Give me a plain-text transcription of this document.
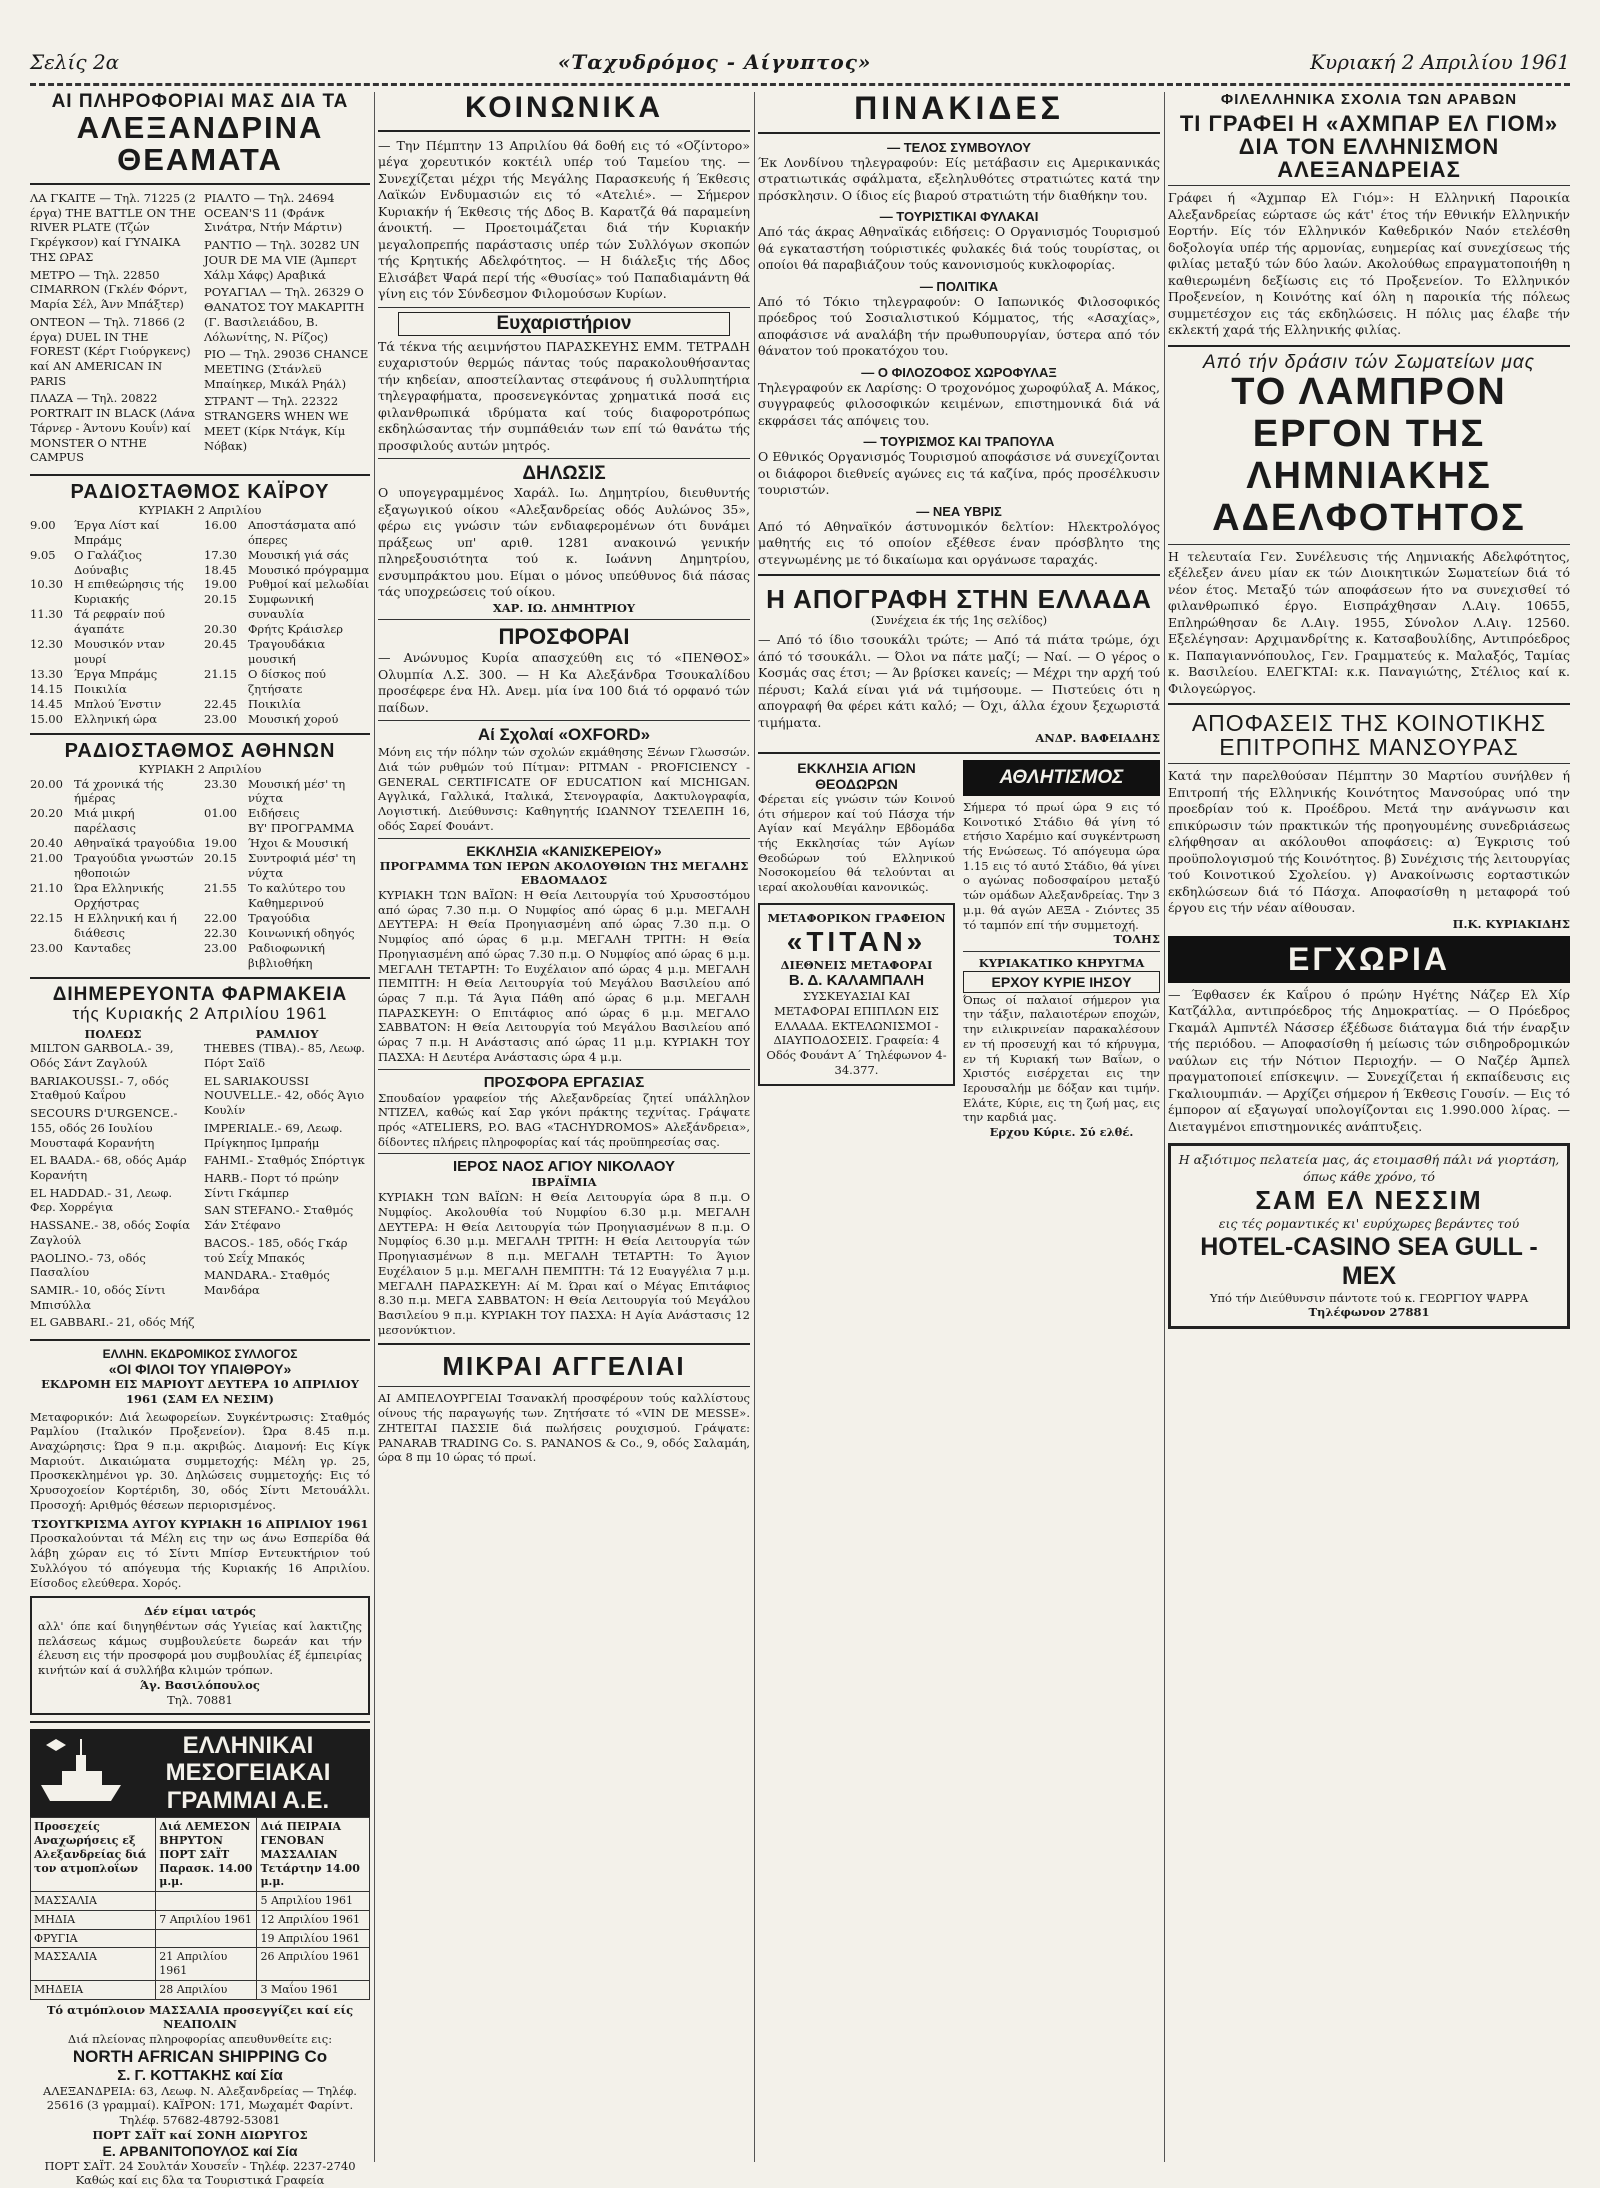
Σελίς 2α	«Ταχυδρόμος - Αίγυπτος»	Κυριακή 2 Απριλίου 1961
ΑΙ ΠΛΗΡΟΦΟΡΙΑΙ ΜΑΣ ΔΙΑ ΤΑ
ΑΛΕΞΑΝΔΡΙΝΑ ΘΕΑΜΑΤΑ
ΛΑ ΓΚΑΙΤΕ — Τηλ. 71225 (2 έργα) THE BATTLE ON THE RIVER PLATE (Τζών Γκρέγκσον) καί ΓΥΝΑΙΚΑ ΤΗΣ ΩΡΑΣ
ΜΕΤΡΟ — Τηλ. 22850 CIMARRON (Γκλέν Φόρντ, Μαρία Σέλ, Άνν Μπάξτερ)
ΟΝΤΕΟΝ — Τηλ. 71866 (2 έργα) DUEL IN THE FOREST (Κέρτ Γιούργκενς) καί AN AMERICAN IN PARIS
ΠΛΑΖΑ — Τηλ. 20822 PORTRAIT IN BLACK (Λάνα Τάρνερ - Άντονυ Κουΐν) καί MONSTER O NTHE CAMPUS
ΡΙΑΛΤΟ — Τηλ. 24694 OCEAN'S 11 (Φράνκ Σινάτρα, Ντήν Μάρτιν)
ΡΑΝΤΙΟ — Τηλ. 30282 UN JOUR DE MA VIE (Άμπερτ Χάλμ Χάφς) Αραβικά
ΡΟΥΑΓΙΑΛ — Τηλ. 26329 O ΘΑΝΑΤΟΣ ΤΟΥ ΜΑΚΑΡΙΤΗ (Γ. Βασιλειάδου, Β. Λόλωνίτης, Ν. Ρίζος)
ΡΙΟ — Τηλ. 29036 CHANCE MEETING (Στάνλεϋ Μπαίηκερ, Μικάλ Ρηάλ)
ΣΤΡΑΝΤ — Τηλ. 22322 STRANGERS WHEN WE MEET (Κίρκ Ντάγκ, Κίμ Νόβακ)
ΡΑΔΙΟΣΤΑΘΜΟΣ ΚΑΪΡΟΥ
ΚΥΡΙΑΚΗ 2 Απριλίου
9.00	Έργα Λίστ καί Μπράμς
9.05	Ο Γαλάζιος Δούναβις
10.30 Η επιθεώρησις τής Κυριακής
11.30 Τά ρεφραίν πού άγαπάτε
12.30 Μουσικόν νταν μουρί
13.30 Έργα Μπράμς
14.15 Ποικιλία
14.45 Μπλού Ένστιν
15.00 Ελληνική ώρα
16.00 Αποστάσματα από όπερες
17.30 Μουσική γιά σάς
18.45 Μουσικό πρόγραμμα
19.00 Ρυθμοί καί μελωδίαι
20.15 Συμφωνική συναυλία
20.30 Φρήτς Κράισλερ
20.45 Τραγουδάκια μουσική
21.15 Ο δίσκος πού ζητήσατε
22.45 Ποικιλία
23.00 Μουσική χορού
ΡΑΔΙΟΣΤΑΘΜΟΣ ΑΘΗΝΩΝ
ΚΥΡΙΑΚΗ 2 Απριλίου
20.00 Τά χρονικά τής ήμέρας
20.20 Μιά μικρή παρέλασις
20.40 Αθηναϊκά τραγούδια
21.00 Τραγούδια γνωστών ηθοποιών
21.10 Ώρα Ελληνικής Ορχήστρας
22.15 Η Ελληνική και ή διάθεσις
23.00 Κανταδες
23.30 Μουσική μέσ' τη νύχτα
01.00 Ειδήσεις
ΒΥ' ΠΡΟΓΡΑΜΜΑ
19.00 Ήχοι & Μουσική
20.15 Συντροφιά μέσ' τη νύχτα
21.55 Το καλύτερο του Καθημερινού
22.00 Τραγούδια
22.30 Κοινωνική οδηγός
23.00 Ραδιοφωνική βιβλιοθήκη
ΔΙΗΜΕΡΕΥΟΝΤΑ ΦΑΡΜΑΚΕΙΑ
τής Κυριακής 2 Απριλίου 1961
ΠΟΛΕΩΣ
MILTON GARBOLA.- 39, Οδός Σάντ Ζαγλούλ
BARIAKOUSSI.- 7, οδός Σταθμού Καΐρου
SECOURS D'URGENCE.- 155, οδός 26 Ιουλίου Μουσταφά Κορανήτη
EL BAADA.- 68, οδός Αμάρ Κορανήτη
EL HADDAD.- 31, Λεωφ. Φερ. Χορρέγια
HASSANE.- 38, οδός Σοφία Ζαγλούλ
PAOLINO.- 73, οδός Πασαλίου
SAMIR.- 10, οδός Σίντι Μπισύλλα
EL GABBARI.- 21, οδός Μήζ
ΡΑΜΛΙΟΥ
THEBES (TIBA).- 85, Λεωφ. Πόρτ Σαϊδ
EL SARIAKOUSSI NOUVELLE.- 42, οδός Άγιο Κουλίν
IMPERIALE.- 69, Λεωφ. Πρίγκηπος Ιμπραήμ
FAHMI.- Σταθμός Σπόρτιγκ
HARB.- Πορτ τό πρώην Σίντι Γκάμπερ
SAN STEFANO.- Σταθμός Σάν Στέφανο
BACOS.- 185, οδός Γκάρ τού Σεΐχ Μπακός
MANDARA.- Σταθμός Μανδάρα
ΕΛΛΗΝ. ΕΚΔΡΟΜΙΚΟΣ ΣΥΛΛΟΓΟΣ
«ΟΙ ΦΙΛΟΙ ΤΟΥ ΥΠΑΙΘΡΟΥ»
ΕΚΔΡΟΜΗ ΕΙΣ ΜΑΡΙΟΥΤ ΔΕΥΤΕΡΑ 10 ΑΠΡΙΛΙΟΥ 1961 (ΣΑΜ ΕΛ ΝΕΣΙΜ)
Μεταφορικόν: Διά λεωφορείων. Συγκέντρωσις: Σταθμός Ραμλίου (Ιταλικόν Προξενείον). Ώρα 8.45 π.μ. Αναχώρησις: Ώρα 9 π.μ. ακριβώς. Διαμονή: Εις Κίγκ Μαριούτ. Δικαιώματα συμμετοχής: Μέλη γρ. 25, Προσκεκλημένοι γρ. 30. Δηλώσεις συμμετοχής: Εις τό Χρυσοχοείον Κορτέριδη, 30, οδός Σίντι Μετουάλλι. Προσοχή: Αριθμός θέσεων περιορισμένος.
ΤΣΟΥΓΚΡΙΣΜΑ ΑΥΓΟΥ ΚΥΡΙΑΚΗ 16 ΑΠΡΙΛΙΟΥ 1961
Προσκαλούνται τά Μέλη εις την ως άνω Εσπερίδα θά λάβη χώραν εις τό Σίντι Μπίσρ Εντευκτήριον τού Συλλόγου τό απόγευμα τής Κυριακής 16 Απριλίου. Είσοδος ελεύθερα. Χορός.
Δέν είμαι ιατρός
αλλ' όπε καί διηγηθέντων σάς Υγιείας καί λακτιζης πελάσεως κάμως συμβουλεύετε δωρεάν και τήν έλευση εις τήν προσφορά μου συμβουλίας έξ έμπειρίας κινήτών καί ά συλλήβα κλιμών τρόπων.
Άγ. Βασιλόπουλος
Τηλ. 70881
ΕΛΛΗΝΙΚΑΙ ΜΕΣΟΓΕΙΑΚΑΙ ΓΡΑΜΜΑΙ Α.Ε.
Προσεχείς Αναχωρήσεις εξ Αλεξανδρείας διά τον ατμοπλοΐων	Διά ΛΕΜΕΣΟΝ ΒΗΡΥΤΟΝ ΠΟΡΤ ΣΑΪΤ Παρασκ. 14.00 μ.μ.	Διά ΠΕΙΡΑΙΑ ΓΕΝΟΒΑΝ ΜΑΣΣΑΛΙΑΝ Τετάρτην 14.00 μ.μ.
ΜΑΣΣΑΛΙΑ		5 Απριλίου 1961
ΜΗΔΙΑ	7 Απριλίου 1961	12 Απριλίου 1961
ΦΡΥΓΙΑ		19 Απριλίου 1961
ΜΑΣΣΑΛΙΑ	21 Απριλίου 1961	26 Απριλίου 1961
ΜΗΔΕΙΑ	28 Απριλίου	3 Μαΐου 1961
Τό ατμόπλοιον ΜΑΣΣΑΛΙΑ προσεγγίζει καί είς ΝΕΑΠΟΛΙΝ
Διά πλείονας πληροφορίας απευθυνθείτε εις:
NORTH AFRICAN SHIPPING Co
Σ. Γ. ΚΟΤΤΑΚΗΣ καί Σία
ΑΛΕΞΑΝΔΡΕΙΑ: 63, Λεωφ. Ν. Αλεξανδρείας — Τηλέφ. 25616 (3 γραμμαί). ΚΑΪΡΟΝ: 171, Μωχαμέτ Φαρίντ. Τηλέφ. 57682-48792-53081
ΠΟΡΤ ΣΑΪΤ καί ΣΟΝΗ ΔΙΩΡΥΓΟΣ
Ε. ΑΡΒΑΝΙΤΟΠΟΥΛΟΣ καί Σία
ΠΟΡΤ ΣΑΪΤ. 24 Σουλτάν Χουσεΐν - Τηλέφ. 2237-2740
Καθώς καί εις δλα τα Τουριστικά Γραφεία
ΚΟΙΝΩΝΙΚΑ
— Την Πέμπτην 13 Απριλίου θά δοθή εις τό «Οζίντορο» μέγα χορευτικόν κοκτέιλ υπέρ τού Ταμείου της. — Συνεχίζεται μέχρι τής Μεγάλης Παρασκευής ή Έκθεσις Λαϊκών Ενδυμασιών εις τό «Ατελιέ». — Σήμερον Κυριακήν ή Έκθεσις τής Δδος Β. Καρατζά θά παραμείνη άνοικτή. — Προετοιμάζεται διά τήν Κυριακήν μεγαλοπρεπής παράστασις υπέρ τών Συλλόγων σκοπών τής Κρητικής Αδελφότητος. — Η διάλεξις τής Δδος Ελισάβετ Ψαρά περί τής «Θυσίας» τού Παπαδιαμάντη θά γίνη εις τόν Σύνδεσμον Φιλομούσων Κυρίων.
Ευχαριστήριον
Τά τέκνα τής αειμνήστου ΠΑΡΑΣΚΕΥΗΣ ΕΜΜ. ΤΕΤΡΑΔΗ ευχαριστούν θερμώς πάντας τούς παρακολουθήσαντας τήν κηδείαν, αποστείλαντας στεφάνους ή συλλυπητήρια τηλεγραφήματα, προσενεγκόντας χρηματικά ποσά εις φιλανθρωπικά ιδρύματα καί τούς διαφοροτρόπως εκδηλώσαντας τήν συμπάθειάν των επί τώ θανάτω τής προσφιλούς αυτών μητρός.
ΔΗΛΩΣΙΣ
Ο υπογεγραμμένος Χαράλ. Ιω. Δημητρίου, διευθυντής εξαγωγικού οίκου «Αλεξανδρείας οδός Αυλώνος 35», φέρω εις γνώσιν τών ενδιαφερομένων ότι δυνάμει πράξεως υπ' αριθ. 1281 ανακοινώ γενικήν πληρεξουσιότητα τού κ. Ιωάννη Δημητρίου, ενσυμπράκτου μου. Είμαι ο μόνος υπεύθυνος διά πάσας τάς υποχρεώσεις τού οίκου.
ΧΑΡ. ΙΩ. ΔΗΜΗΤΡΙΟΥ
ΠΡΟΣΦΟΡΑΙ
— Ανώνυμος Κυρία απασχεύθη εις τό «ΠΕΝΘΟΣ» Ολυμπία Λ.Σ. 300. — Η Κα Αλεξάνδρα Τσουκαλίδου προσέφερε ένα Ηλ. Ανεμ. μία ίνα 100 διά τό ορφανό τών παίδων.
Αί Σχολαί «OXFORD»
Μόνη εις τήν πόλην τών σχολών εκμάθησης Ξένων Γλωσσών. Διά τών ρυθμών τού Πίτμαν: PITMAN - PROFICIENCY - GENERAL CERTIFICATE OF EDUCATION καί MICHIGAN. Αγγλικά, Γαλλικά, Ιταλικά, Στενογραφία, Δακτυλογραφία, Λογιστική. Διεύθυνσις: Καθηγητής ΙΩΑΝΝΟΥ ΤΣΕΛΕΠΗ 16, οδός Σαρεί Φουάντ.
ΕΚΚΛΗΣΙΑ «ΚΑΝΙΣΚΕΡΕΙΟΥ»
ΠΡΟΓΡΑΜΜΑ ΤΩΝ ΙΕΡΩΝ ΑΚΟΛΟΥΘΙΩΝ ΤΗΣ ΜΕΓΑΛΗΣ ΕΒΔΟΜΑΔΟΣ
ΚΥΡΙΑΚΗ ΤΩΝ ΒΑΪΩΝ: Η Θεία Λειτουργία τού Χρυσοστόμου από ώρας 7.30 π.μ. Ο Νυμφίος από ώρας 6 μ.μ. ΜΕΓΑΛΗ ΔΕΥΤΕΡΑ: Η Θεία Προηγιασμένη από ώρας 7.30 π.μ. Ο Νυμφίος από ώρας 6 μ.μ. ΜΕΓΑΛΗ ΤΡΙΤΗ: Η Θεία Προηγιασμένη από ώρας 7.30 π.μ. Ο Νυμφίος από ώρας 6 μ.μ. ΜΕΓΑΛΗ ΤΕΤΑΡΤΗ: Το Ευχέλαιον από ώρας 4 μ.μ. ΜΕΓΑΛΗ ΠΕΜΠΤΗ: Η Θεία Λειτουργία τού Μεγάλου Βασιλείου από ώρας 7 π.μ. Τά Άγια Πάθη από ώρας 6 μ.μ. ΜΕΓΑΛΗ ΠΑΡΑΣΚΕΥΗ: Ο Επιτάφιος από ώρας 6 μ.μ. ΜΕΓΑΛΟ ΣΑΒΒΑΤΟΝ: Η Θεία Λειτουργία τού Μεγάλου Βασιλείου από ώρας 7 π.μ. Η Ανάστασις από ώρας 11 μ.μ. ΚΥΡΙΑΚΗ ΤΟΥ ΠΑΣΧΑ: Η Δευτέρα Ανάστασις ώρα 4 μ.μ.
ΠΡΟΣΦΟΡΑ ΕΡΓΑΣΙΑΣ
Σπουδαίον γραφείον τής Αλεξανδρείας ζητεί υπάλληλον ΝΤΙΖΕΛ, καθώς καί Σαρ γκόνι πράκτης τεχνίτας. Γράψατε πρός «ATELIERS, P.O. BAG «TACHYDROMOS» Αλεξάνδρεια», δίδοντες πλήρεις πληροφορίας καί τάς προϋπηρεσίας σας.
ΙΕΡΟΣ ΝΑΟΣ ΑΓΙΟΥ ΝΙΚΟΛΑΟΥ
ΙΒΡΑΪΜΙΑ
ΚΥΡΙΑΚΗ ΤΩΝ ΒΑΪΩΝ: Η Θεία Λειτουργία ώρα 8 π.μ. Ο Νυμφίος. Ακολουθία τού Νυμφίου 6.30 μ.μ. ΜΕΓΑΛΗ ΔΕΥΤΕΡΑ: Η Θεία Λειτουργία τών Προηγιασμένων 8 π.μ. Ο Νυμφίος 6.30 μ.μ. ΜΕΓΑΛΗ ΤΡΙΤΗ: Η Θεία Λειτουργία τών Προηγιασμένων 8 π.μ. ΜΕΓΑΛΗ ΤΕΤΑΡΤΗ: Το Άγιον Ευχέλαιον 5 μ.μ. ΜΕΓΑΛΗ ΠΕΜΠΤΗ: Τά 12 Ευαγγέλια 7 μ.μ. ΜΕΓΑΛΗ ΠΑΡΑΣΚΕΥΗ: Αί Μ. Ώραι καί ο Μέγας Επιτάφιος 8.30 π.μ. ΜΕΓΑ ΣΑΒΒΑΤΟΝ: Η Θεία Λειτουργία τού Μεγάλου Βασιλείου 9 π.μ. ΚΥΡΙΑΚΗ ΤΟΥ ΠΑΣΧΑ: Η Αγία Ανάστασις 12 μεσονύκτιον.
ΜΙΚΡΑΙ ΑΓΓΕΛΙΑΙ
ΑΙ ΑΜΠΕΛΟΥΡΓΕΙΑΙ Τσανακλή προσφέρουν τούς καλλίστους οίνους τής παραγωγής των. Ζητήσατε τό «VIN DE MESSE». ΖΗΤΕΙΤΑΙ ΠΑΣΣΙΕ διά πωλήσεις ρουχισμού. Γράψατε: PANARAB TRADING Co. S. PANANOS & Co., 9, οδός Σαλαμάη, ώρα 8 πμ 10 ώρας τό πρωί.
ΠΙΝΑΚΙΔΕΣ
— ΤΕΛΟΣ ΣΥΜΒΟΥΛΟΥ
Έκ Λονδίνου τηλεγραφούν: Είς μετάβασιν εις Αμερικανικάς στρατιωτικάς σφάλματα, εξεληλυθότες στρατιώτες κατά την πρόσκλησιν. Ο ίδιος είς βιαρού στρατιώτη τήν διαθήκην του.
— ΤΟΥΡΙΣΤΙΚΑΙ ΦΥΛΑΚΑΙ
Από τάς άκρας Αθηναϊκάς ειδήσεις: Ο Οργανισμός Τουρισμού θά εγκαταστήση τούριστικές φυλακές διά τούς τουρίστας, οι οποίοι θά παραβιάζουν τούς κανονισμούς κυκλοφορίας.
— ΠΟΛΙΤΙΚΑ
Από τό Τόκιο τηλεγραφούν: Ο Ιαπωνικός Φιλοσοφικός πρόεδρος τού Σοσιαλιστικού Κόμματος, τής «Ασαχίας», αποφάσισε νά αναλάβη τήν πρωθυπουργίαν, ύστερα από τόν θάνατον τού προκατόχου του.
— Ο ΦΙΛΟΖΟΦΟΣ ΧΩΡΟΦΥΛΑΞ
Τηλεγραφούν εκ Λαρίσης: Ο τροχονόμος χωροφύλαξ Α. Μάκος, συγγραφεύς φιλοσοφικών κειμένων, επιστημονικά διά νά εκφράσει τάς απόψεις του.
— ΤΟΥΡΙΣΜΟΣ ΚΑΙ ΤΡΑΠΟΥΛΑ
Ο Εθνικός Οργανισμός Τουρισμού αποφάσισε νά συνεχίζονται οι διάφοροι διεθνείς αγώνες εις τά καζίνα, πρός προσέλκυσιν τουριστών.
— ΝΕΑ ΥΒΡΙΣ
Από τό Αθηναϊκόν άστυνομικόν δελτίον: Ηλεκτρολόγος μαθητής εις τό οποίον εξέθεσε έναν πρόσβλητο της στεγνωμένης με τό δικαίωμα και οργάνωσε ταραχάς.
Η ΑΠΟΓΡΑΦΗ ΣΤΗΝ ΕΛΛΑΔΑ
(Συνέχεια έκ τής 1ης σελίδος)
— Από τό ίδιο τσουκάλι τρώτε; — Από τά πιάτα τρώμε, όχι άπό τό τσουκάλι. — Όλοι να πάτε μαζί; — Ναί. — Ο γέρος ο Κοσμάς σας έτσι; — Άν βρίσκει κανείς; — Μέχρι την αρχή τού πέρυσι; Καλά είναι γιά νά τιμήσουμε. — Πιστεύεις ότι η απογραφή θα φέρει κάτι καλό; — Όχι, άλλα έχουν ξεχωριστά τιμήματα.
ΑΝΔΡ. ΒΑΦΕΙΑΔΗΣ
ΕΚΚΛΗΣΙΑ ΑΓΙΩΝ ΘΕΟΔΩΡΩΝ
Φέρεται είς γνώσιν τών Κοινού ότι σήμερον καί τού Πάσχα τήν Αγίαν καί Μεγάλην Εβδομάδα τής Εκκλησίας τών Αγίων Θεοδώρων τού Ελληνικού Νοσοκομείου θά τελούνται αι ιεραί ακολουθίαι κανονικώς.
ΜΕΤΑΦΟΡΙΚΟΝ ΓΡΑΦΕΙΟΝ
«ΤΙΤΑΝ»
ΔΙΕΘΝΕΙΣ ΜΕΤΑΦΟΡΑΙ
Β. Δ. ΚΑΛΑΜΠΑΛΗ
ΣΥΣΚΕΥΑΣΙΑΙ ΚΑΙ ΜΕΤΑΦΟΡΑΙ ΕΠΙΠΛΩΝ ΕΙΣ ΕΛΛΑΔΑ. ΕΚΤΕΛΩΝΙΣΜΟΙ - ΔΙΑΥΠΟΔΟΣΕΙΣ. Γραφεία: 4 Οδός Φουάντ Α΄ Τηλέφωνον 4-34.377.
ΑΘΛΗΤΙΣΜΟΣ
Σήμερα τό πρωί ώρα 9 εις τό Κοινοτικό Στάδιο θά γίνη τό ετήσιο Χαρέμιο καί συγκέντρωση τής Ενώσεως. Τό απόγευμα ώρα 1.15 εις τό αυτό Στάδιο, θά γίνει ο αγώνας ποδοσφαίρου μεταξύ τών ομάδων Αλεξανδρείας. Την 3 μ.μ. θά αγών ΑΕΞΑ - Ζιόντες 35 τό ταμπόν επί τήν συμμετοχή.
ΤΟΛΗΣ
ΚΥΡΙΑΚΑΤΙΚΟ ΚΗΡΥΓΜΑ
ΕΡΧΟΥ ΚΥΡΙΕ ΙΗΣΟΥ
Όπως οί παλαιοί σήμερον για την τάξιν, παλαιοτέρων εποχών, την ειλικρινείαν παρακαλέσουν εν τή προσευχή και τό κήρυγμα, εν τή Κυριακή των Βαΐων, ο Χριστός εισέρχεται εις την Ιερουσαλήμ με δόξαν και τιμήν. Ελάτε, Κύριε, εις τη ζωή μας, εις την καρδιά μας.
Ερχου Κύριε. Σύ ελθέ.
ΦΙΛΕΛΛΗΝΙΚΑ ΣΧΟΛΙΑ ΤΩΝ ΑΡΑΒΩΝ
ΤΙ ΓΡΑΦΕΙ Η «ΑΧΜΠΑΡ ΕΛ ΓΙΟΜ» ΔΙΑ ΤΟΝ ΕΛΛΗΝΙΣΜΟΝ ΑΛΕΞΑΝΔΡΕΙΑΣ
Γράφει ή «Άχμπαρ Ελ Γιόμ»: Η Ελληνική Παροικία Αλεξανδρείας εώρτασε ώς κάτ' έτος τήν Εθνικήν Ελληνικήν Εορτήν. Είς τόν Ελληνικόν Καθεδρικόν Ναόν ετελέσθη δοξολογία υπέρ τής αρμονίας, ευημερίας καί συνεχίσεως τής φιλίας μεταξύ τών δύο λαών. Ακολούθως επραγματοποιήθη η καθιερωμένη δεξίωσις εις τό Προξενείον. Το Ελληνικόν Προξενείον, η Κοινότης καί όλη η παροικία τής πόλεως συμμετέσχον εις τάς εκδηλώσεις. Η πόλις μας έλαβε τήν εκλεκτή χαρά τής Ελληνικής φιλίας.
Από τήν δράσιν τών Σωματείων μας
ΤΟ ΛΑΜΠΡΟΝ ΕΡΓΟΝ ΤΗΣ ΛΗΜΝΙΑΚΗΣ ΑΔΕΛΦΟΤΗΤΟΣ
Η τελευταία Γεν. Συνέλευσις τής Λημνιακής Αδελφότητος, εξέλεξεν άνευ μίαν εκ τών Διοικητικών Σωματείων διά τό νέον έτος. Μεταξύ τών αποφάσεων ήτο να συνεχισθεί τό φιλανθρωπικό έργο. Εισπράχθησαν Λ.Αιγ. 10655, Επληρώθησαν δε Λ.Αιγ. 1955, Σύνολον Λ.Αιγ. 12560. Εξελέγησαν: Αρχιμανδρίτης κ. Κατσαβουλίδης, Αντιπρόεδρος κ. Παπαγιαννόπουλος, Γεν. Γραμματεύς κ. Μαλαξός, Ταμίας κ. Βασιλείου. ΕΛΕΓΚΤΑΙ: κ.κ. Παναγιώτης, Στέλιος καί κ. Φιλογεώργος.
ΑΠΟΦΑΣΕΙΣ ΤΗΣ ΚΟΙΝΟΤΙΚΗΣ ΕΠΙΤΡΟΠΗΣ ΜΑΝΣΟΥΡΑΣ
Κατά την παρελθούσαν Πέμπτην 30 Μαρτίου συνήλθεν ή Επιτροπή τής Ελληνικής Κοινότητος Μανσούρας υπό την προεδρίαν τού κ. Προέδρου. Μετά την ανάγνωσιν και επικύρωσιν τών πρακτικών τής προηγουμένης συνεδριάσεως ελήφθησαν αι ακόλουθοι αποφάσεις: α) Έγκρισις τού προϋπολογισμού τής Κοινότητος. β) Συνέχισις τής λειτουργίας τού Κοινοτικού Σχολείου. γ) Ανακοίνωσις εορταστικών εκδηλώσεων διά τό Πάσχα. Αποφασίσθη η μεταφορά τού έργου εις τήν νέαν αίθουσαν.
Π.Κ. ΚΥΡΙΑΚΙΔΗΣ
ΕΓΧΩΡΙΑ
— Έφθασεν έκ Καΐρου ό πρώην Ηγέτης Νάζερ Ελ Χίρ Κατζάλλα, αντιπρόεδρος τής Δημοκρατίας. — Ο Πρόεδρος Γκαμάλ Αμπντέλ Νάσσερ έξέδωσε διάταγμα διά τήν έναρξιν τής περιόδου. — Αποφασίσθη ή μείωσις τών σιδηροδρομικών ναύλων εις τήν Νότιον Περιοχήν. — Ο Ναζέρ Άμπελ πραγματοποιεί επίσκεψιν. — Συνεχίζεται ή εκπαίδευσις εις Γκαλιουμπιάν. — Αρχίζει σήμερον ή Έκθεσις Γουσίν. — Εις τό έμπορον αί εξαγωγαί υπολογίζονται εις 1.990.000 λίρας. — Διεταγμένοι επιστημονικές ανάπτυξεις.
Η αξιότιμος πελατεία μας, άς ετοιμασθή πάλι νά γιορτάση, όπως κάθε χρόνο, τό
ΣΑΜ ΕΛ ΝΕΣΣΙΜ
εις τές ρομαντικές κι' ευρύχωρες βεράντες τού
HOTEL-CASINO SEA GULL - MEX
Υπό τήν Διεύθυνσιν πάντοτε τού κ. ΓΕΩΡΓΙΟΥ ΨΑΡΡΑ
Τηλέφωνον 27881
